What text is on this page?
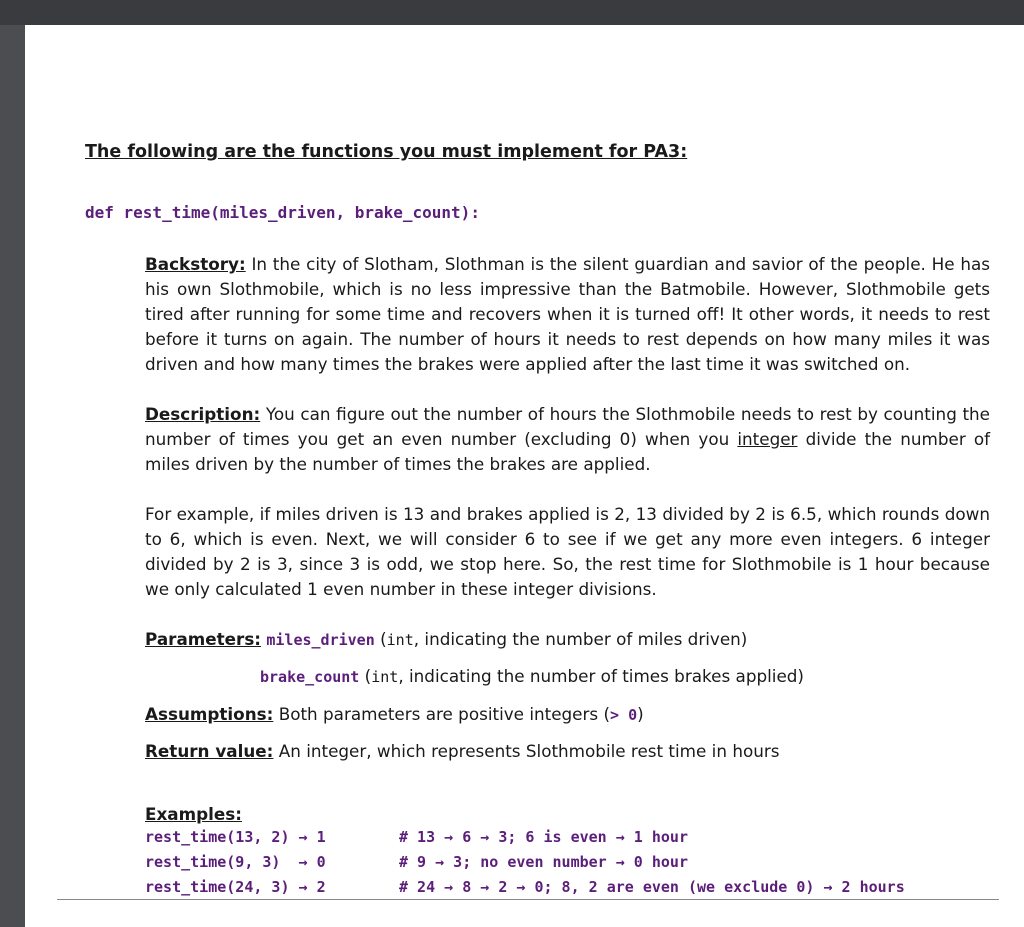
The following are the functions you must implement for PA3:
def rest_time(miles_driven, brake_count):
Backstory: In the city of Slotham, Slothman is the silent guardian and savior of the people. He has his own Slothmobile, which is no less impressive than the Batmobile. However, Slothmobile gets tired after running for some time and recovers when it is turned off! It other words, it needs to rest before it turns on again. The number of hours it needs to rest depends on how many miles it was driven and how many times the brakes were applied after the last time it was switched on.
Description: You can figure out the number of hours the Slothmobile needs to rest by counting the number of times you get an even number (excluding 0) when you integer divide the number of miles driven by the number of times the brakes are applied.
For example, if miles driven is 13 and brakes applied is 2, 13 divided by 2 is 6.5, which rounds down to 6, which is even. Next, we will consider 6 to see if we get any more even integers. 6 integer divided by 2 is 3, since 3 is odd, we stop here. So, the rest time for Slothmobile is 1 hour because we only calculated 1 even number in these integer divisions.
Parameters: miles_driven (int, indicating the number of miles driven)
brake_count (int, indicating the number of times brakes applied)
Assumptions: Both parameters are positive integers (> 0)
Return value: An integer, which represents Slothmobile rest time in hours
Examples:
rest_time(13, 2) → 1	# 13 → 6 → 3; 6 is even → 1 hour
rest_time(9, 3)  → 0	# 9 → 3; no even number → 0 hour
rest_time(24, 3) → 2	# 24 → 8 → 2 → 0; 8, 2 are even (we exclude 0) → 2 hours
